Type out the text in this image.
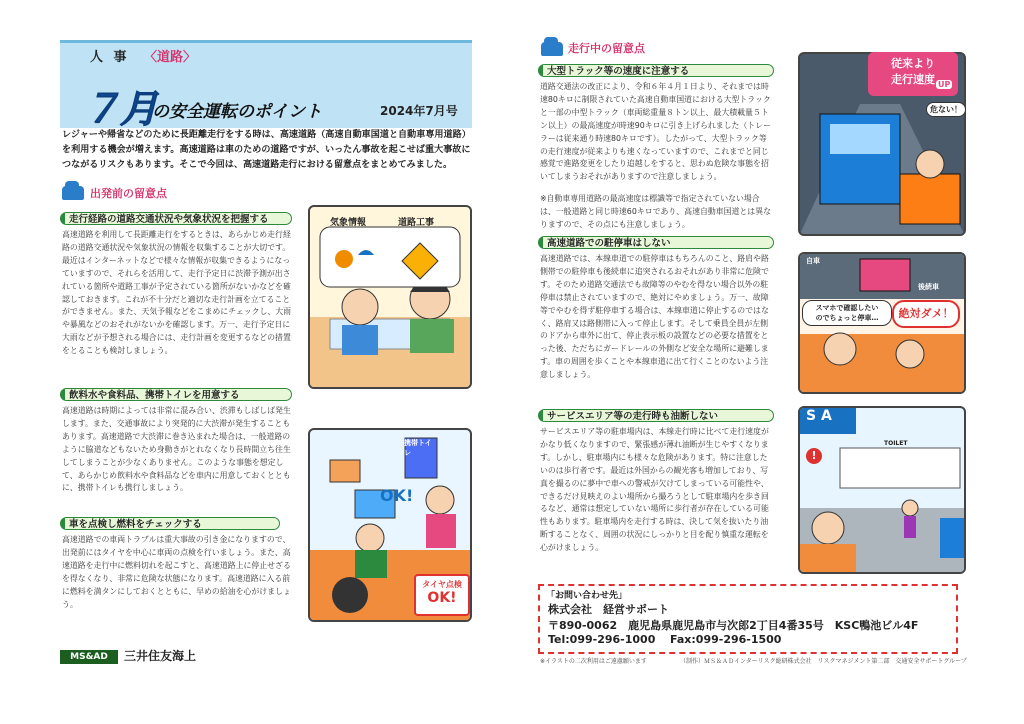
人 事 〈道路〉
７月
の安全運転のポイント	2024年7月号
レジャーや帰省などのために長距離走行をする時は、高速道路（高速自動車国道と自動車専用道路）を利用する機会が増えます。高速道路は車のための道路ですが、いったん事故を起こせば重大事故につながるリスクもあります。そこで今回は、高速道路走行における留意点をまとめてみました。
出発前の留意点
走行経路の道路交通状況や気象状況を把握する
高速道路を利用して長距離走行をするときは、あらかじめ走行経路の道路交通状況や気象状況の情報を収集することが大切です。最近はインターネットなどで様々な情報が収集できるようになっていますので、それらを活用して、走行予定日に渋滞予測が出されている箇所や道路工事が予定されている箇所がないかなどを確認しておきます。これが不十分だと適切な走行計画を立てることができません。また、天気予報などをこまめにチェックし、大雨や暴風などのおそれがないかを確認します。万一、走行予定日に大雨などが予想される場合には、走行計画を変更するなどの措置をとることも検討しましょう。
飲料水や食料品、携帯トイレを用意する
高速道路は時期によっては非常に混み合い、渋滞もしばしば発生します。また、交通事故により突発的に大渋滞が発生することもあります。高速道路で大渋滞に巻き込まれた場合は、一般道路のように脇道などもないため身動きがとれなくなり長時間立ち往生してしまうことが少なくありません。このような事態を想定して、あらかじめ飲料水や食料品などを車内に用意しておくとともに、携帯トイレも携行しましょう。
車を点検し燃料をチェックする
高速道路での車両トラブルは重大事故の引き金になりますので、出発前にはタイヤを中心に車両の点検を行いましょう。また、高速道路を走行中に燃料切れを起こすと、高速道路上に停止せざるを得なくなり、非常に危険な状態になります。高速道路に入る前に燃料を満タンにしておくとともに、早めの給油を心がけましょう。
気象情報	道路工事
携帯トイレ
OK!
タイヤ点検
OK!
MS&AD	三井住友海上
走行中の留意点
大型トラック等の速度に注意する
道路交通法の改正により、令和６年４月１日より、それまでは時速80キロに制限されていた高速自動車国道における大型トラックと一部の中型トラック（車両総重量８トン以上、最大積載量５トン以上）の最高速度が時速90キロに引き上げられました（トレーラーは従来通り時速80キロです）。したがって、大型トラック等の走行速度が従来よりも速くなっていますので、これまでと同じ感覚で進路変更をしたり追越しをすると、思わぬ危険な事態を招いてしまうおそれがありますので注意しましょう。
※自動車専用道路の最高速度は標識等で指定されていない場合は、一般道路と同じ時速60キロであり、高速自動車国道とは異なりますので、その点にも注意しましょう。
高速道路での駐停車はしない
高速道路では、本線車道での駐停車はもちろんのこと、路肩や路側帯での駐停車も後続車に追突されるおそれがあり非常に危険です。そのため道路交通法でも故障等のやむを得ない場合以外の駐停車は禁止されていますので、絶対にやめましょう。万一、故障等でやむを得ず駐停車する場合は、本線車道に停止するのではなく、路肩又は路側帯に入って停止します。そして乗員全員が左側のドアから車外に出て、停止表示板の設置などの必要な措置をとった後、ただちにガードレールの外側など安全な場所に避難します。車の周囲を歩くことや本線車道に出て行くことのないよう注意しましょう。
サービスエリア等の走行時も油断しない
サービスエリア等の駐車場内は、本線走行時に比べて走行速度がかなり低くなりますので、緊張感が薄れ油断が生じやすくなります。しかし、駐車場内にも様々な危険があります。特に注意したいのは歩行者です。最近は外国からの観光客も増加しており、写真を撮るのに夢中で車への警戒が欠けてしまっている可能性や、できるだけ見映えのよい場所から撮ろうとして駐車場内を歩き回るなど、通常は想定していない場所に歩行者が存在している可能性もあります。駐車場内を走行する時は、決して気を抜いたり油断することなく、周囲の状況にしっかりと目を配り慎重な運転を心がけましょう。
従来より
走行速度 UP
危ない！
自車
後続車
スマホで確認したい
のでちょっと停車…	絶対ダメ！
S A
TOILET
!
「お問い合わせ先」
株式会社　経営サポート
〒890-0062　鹿児島県鹿児島市与次郎2丁目4番35号　KSC鴨池ビル4F
Tel:099-296-1000 Fax:099-296-1500
※イラストの二次利用はご遠慮願います	（制作）ＭＳ＆ＡＤインターリスク総研株式会社　リスクマネジメント第二部　交通安全サポートグループ
